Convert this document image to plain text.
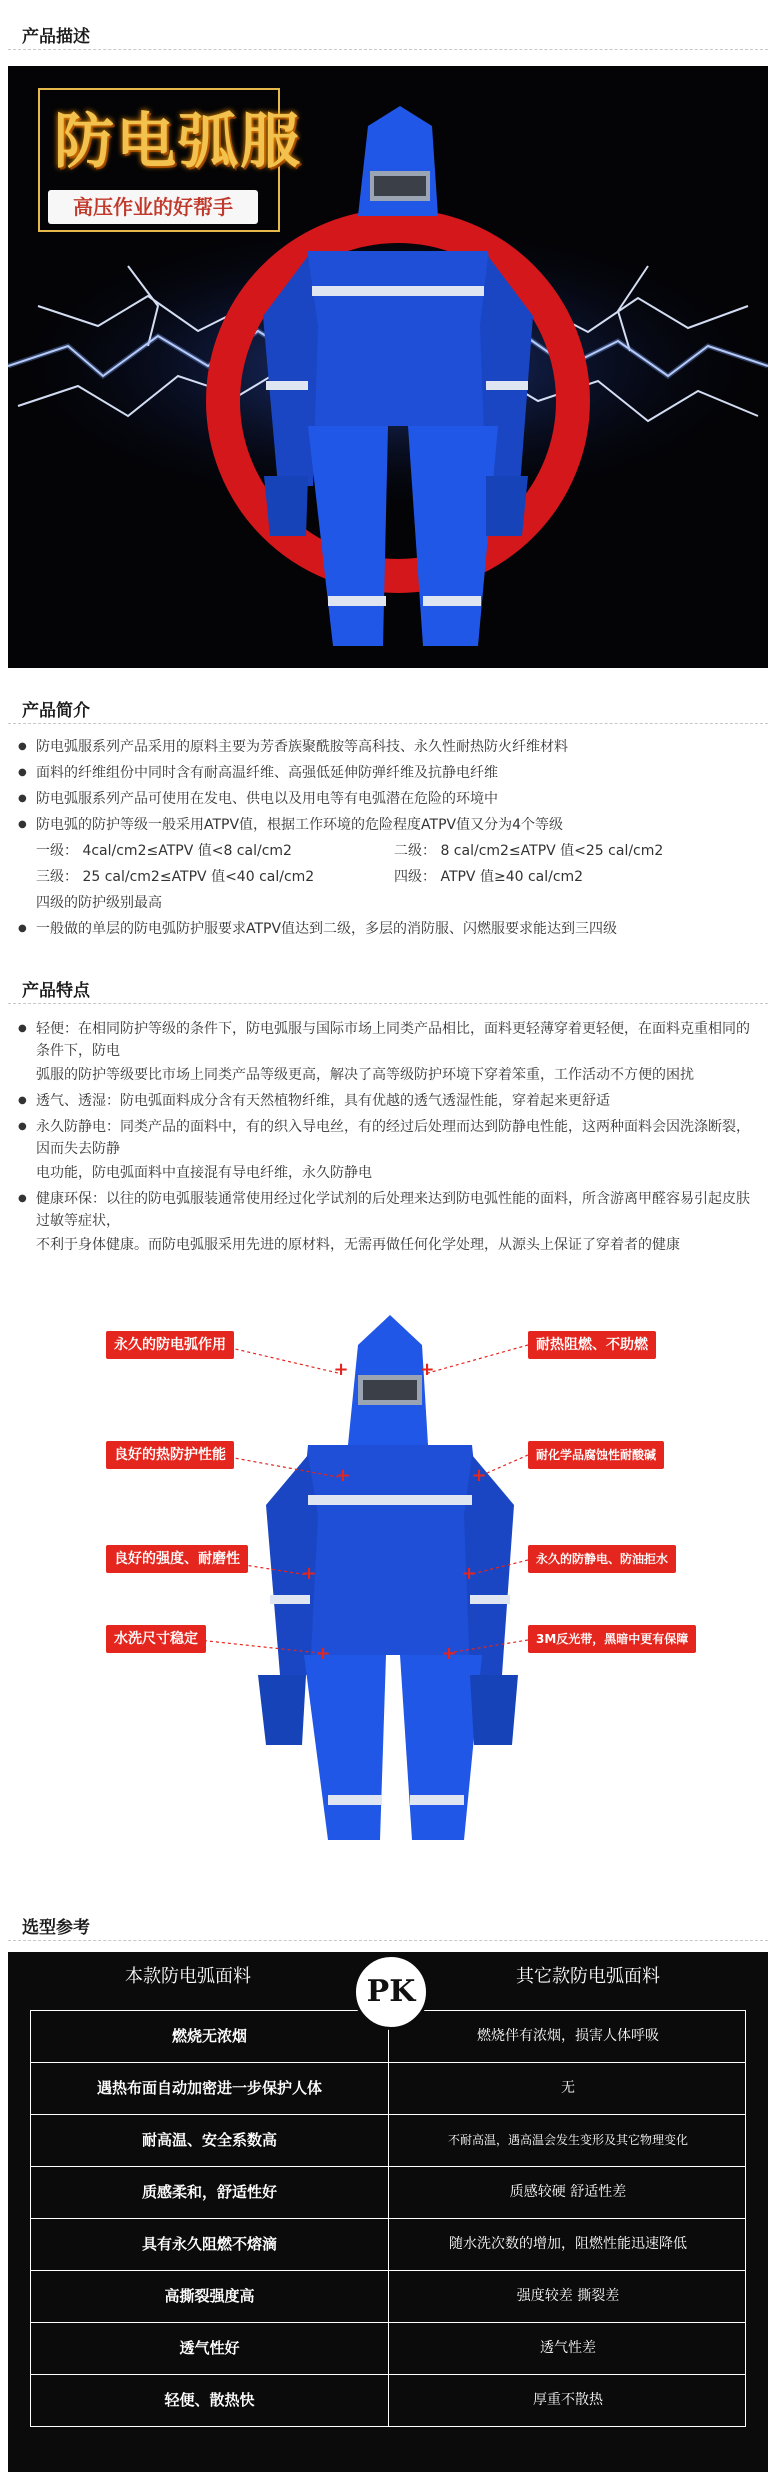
产品描述
防电弧服
高压作业的好帮手
产品简介
● 防电弧服系列产品采用的原料主要为芳香族聚酰胺等高科技、永久性耐热防火纤维材料
● 面料的纤维组份中同时含有耐高温纤维、高强低延伸防弹纤维及抗静电纤维
● 防电弧服系列产品可使用在发电、供电以及用电等有电弧潜在危险的环境中
● 防电弧的防护等级一般采用ATPV值，根据工作环境的危险程度ATPV值又分为4个等级
一级： 4cal/cm2≤ATPV 值<8 cal/cm2	二级： 8 cal/cm2≤ATPV 值<25 cal/cm2
三级： 25 cal/cm2≤ATPV 值<40 cal/cm2	四级： ATPV 值≥40 cal/cm2
四级的防护级别最高
● 一般做的单层的防电弧防护服要求ATPV值达到二级，多层的消防服、闪燃服要求能达到三四级
产品特点
● 轻便：在相同防护等级的条件下，防电弧服与国际市场上同类产品相比，面料更轻薄穿着更轻便，在面料克重相同的条件下，防电
弧服的防护等级要比市场上同类产品等级更高，解决了高等级防护环境下穿着笨重，工作活动不方便的困扰
● 透气、透湿：防电弧面料成分含有天然植物纤维，具有优越的透气透湿性能，穿着起来更舒适
● 永久防静电：同类产品的面料中，有的织入导电丝，有的经过后处理而达到防静电性能，这两种面料会因洗涤断裂，因而失去防静
电功能，防电弧面料中直接混有导电纤维，永久防静电
● 健康环保：以往的防电弧服装通常使用经过化学试剂的后处理来达到防电弧性能的面料，所含游离甲醛容易引起皮肤过敏等症状，
不利于身体健康。而防电弧服采用先进的原材料，无需再做任何化学处理，从源头上保证了穿着者的健康
+
+
+
+
+
+
+
+
永久的防电弧作用
良好的热防护性能
良好的强度、耐磨性
水洗尺寸稳定
耐热阻燃、不助燃
耐化学品腐蚀性耐酸碱
永久的防静电、防油拒水
3M反光带，黑暗中更有保障
选型参考
本款防电弧面料	其它款防电弧面料
PK
燃烧无浓烟	燃烧伴有浓烟，损害人体呼吸
遇热布面自动加密进一步保护人体	无
耐高温、安全系数高	不耐高温，遇高温会发生变形及其它物理变化
质感柔和，舒适性好	质感较硬 舒适性差
具有永久阻燃不熔滴	随水洗次数的增加，阻燃性能迅速降低
高撕裂强度高	强度较差 撕裂差
透气性好	透气性差
轻便、散热快	厚重不散热
